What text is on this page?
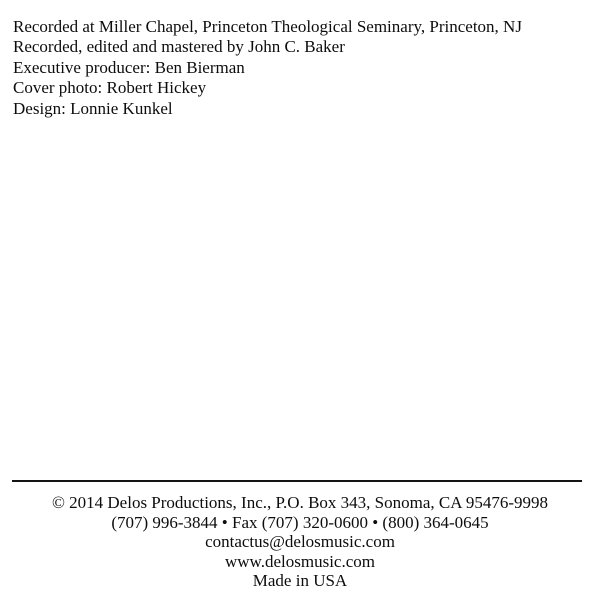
Recorded at Miller Chapel, Princeton Theological Seminary, Princeton, NJ
Recorded, edited and mastered by John C. Baker
Executive producer: Ben Bierman
Cover photo: Robert Hickey
Design: Lonnie Kunkel
© 2014 Delos Productions, Inc., P.O. Box 343, Sonoma, CA 95476-9998
(707) 996-3844 • Fax (707) 320-0600 • (800) 364-0645
contactus@delosmusic.com
www.delosmusic.com
Made in USA
